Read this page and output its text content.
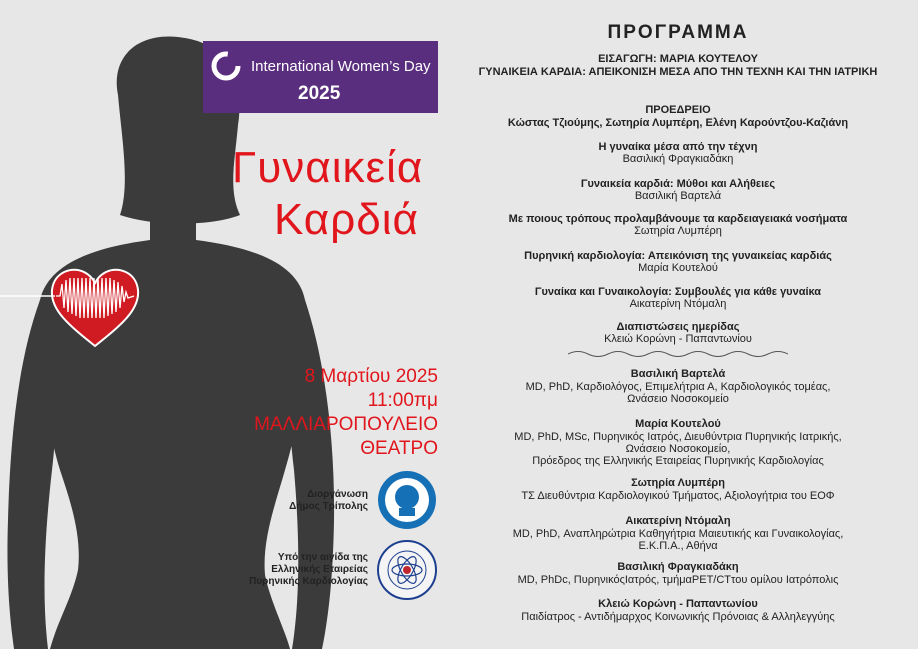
International Women’s Day
2025
Γυναικεία
Καρδιά
8 Μαρτίου 2025
11:00πμ
ΜΑΛΛΙΑΡΟΠΟΥΛΕΙΟ
ΘΕΑΤΡΟ
Διοργάνωση
Δήμος Τρίπολης
Υπό την αιγίδα της
Ελληνικής Εταιρείας
Πυρηνικής Καρδιολογίας
ΠΡΟΓΡΑΜΜΑ
ΕΙΣΑΓΩΓΗ: ΜΑΡΙΑ ΚΟΥΤΕΛΟΥ
ΓΥΝΑΙΚΕΙΑ ΚΑΡΔΙΑ: ΑΠΕΙΚΟΝΙΣΗ ΜΕΣΑ ΑΠΟ ΤΗΝ ΤΕΧΝΗ ΚΑΙ ΤΗΝ ΙΑΤΡΙΚΗ
ΠΡΟΕΔΡΕΙΟ
Κώστας Τζιούμης, Σωτηρία Λυμπέρη, Ελένη Καρούντζου-Καζιάνη
Η γυναίκα μέσα από την τέχνη
Βασιλική Φραγκιαδάκη
Γυναικεία καρδιά: Μύθοι και Αλήθειες
Βασιλική Βαρτελά
Με ποιους τρόπους προλαμβάνουμε τα καρδειαγειακά νοσήματα
Σωτηρία Λυμπέρη
Πυρηνική καρδιολογία: Απεικόνιση της γυναικείας καρδιάς
Μαρία Κουτελού
Γυναίκα και Γυναικολογία: Συμβουλές για κάθε γυναίκα
Αικατερίνη Ντόμαλη
Διαπιστώσεις ημερίδας
Κλειώ Κορώνη - Παπαντωνίου
Βασιλική Βαρτελά
MD, PhD, Καρδιολόγος, Επιμελήτρια Α, Καρδιολογικός τομέας,
Ωνάσειο Νοσοκομείο
Μαρία Κουτελού
MD, PhD, MSc, Πυρηνικός Ιατρός, Διευθύντρια Πυρηνικής Ιατρικής,
Ωνάσειο Νοσοκομείο,
Πρόεδρος της Ελληνικής Εταιρείας Πυρηνικής Καρδιολογίας
Σωτηρία Λυμπέρη
ΤΣ Διευθύντρια Καρδιολογικού Τμήματος, Αξιολογήτρια του ΕΟΦ
Αικατερίνη Ντόμαλη
MD, PhD, Αναπληρώτρια Καθηγήτρια Μαιευτικής και Γυναικολογίας,
Ε.Κ.Π.Α., Αθήνα
Βασιλική Φραγκιαδάκη
MD, PhDc, ΠυρηνικόςΙατρός, τμήμαPET/CTτου ομίλου Ιατρόπολις
Κλειώ Κορώνη - Παπαντωνίου
Παιδίατρος - Αντιδήμαρχος Κοινωνικής Πρόνοιας & Αλληλεγγύης
